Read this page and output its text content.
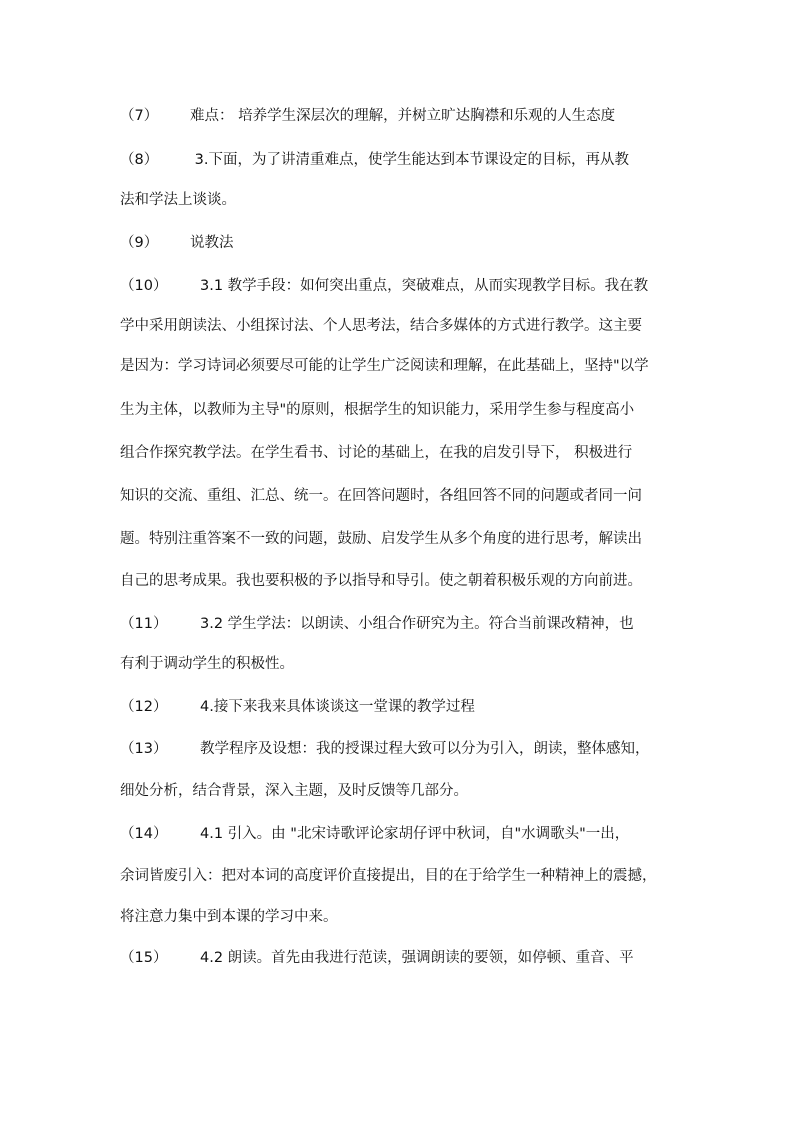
（7） 难点： 培养学生深层次的理解，并树立旷达胸襟和乐观的人生态度
（8） 3.下面，为了讲清重难点，使学生能达到本节课设定的目标，再从教
法和学法上谈谈。
（9） 说教法
（10） 3.1 教学手段：如何突出重点，突破难点，从而实现教学目标。我在教
学中采用朗读法、小组探讨法、个人思考法，结合多媒体的方式进行教学。这主要
是因为：学习诗词必须要尽可能的让学生广泛阅读和理解，在此基础上，坚持"以学
生为主体，以教师为主导"的原则，根据学生的知识能力，采用学生参与程度高小
组合作探究教学法。在学生看书、讨论的基础上，在我的启发引导下， 积极进行
知识的交流、重组、汇总、统一。在回答问题时，各组回答不同的问题或者同一问
题。特别注重答案不一致的问题，鼓励、启发学生从多个角度的进行思考，解读出
自己的思考成果。我也要积极的予以指导和导引。使之朝着积极乐观的方向前进。
（11） 3.2 学生学法：以朗读、小组合作研究为主。符合当前课改精神，也
有利于调动学生的积极性。
（12） 4.接下来我来具体谈谈这一堂课的教学过程
（13） 教学程序及设想：我的授课过程大致可以分为引入，朗读，整体感知，
细处分析，结合背景，深入主题，及时反馈等几部分。
（14） 4.1 引入。由 "北宋诗歌评论家胡仔评中秋词，自"水调歌头"一出，
余词皆废引入：把对本词的高度评价直接提出，目的在于给学生一种精神上的震撼，
将注意力集中到本课的学习中来。
（15） 4.2 朗读。首先由我进行范读，强调朗读的要领，如停顿、重音、平
